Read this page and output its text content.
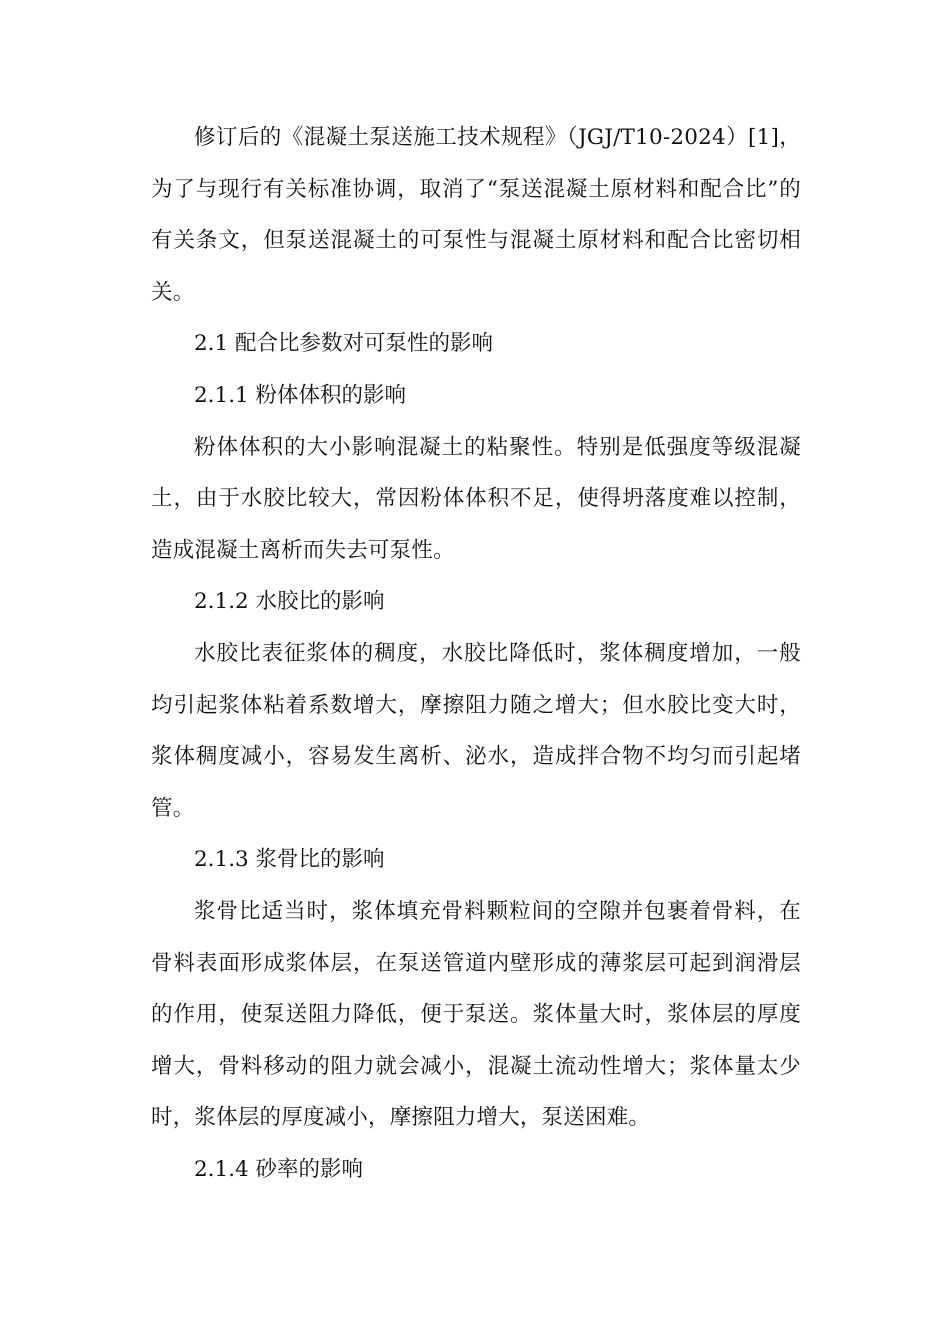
修订后的《混凝土泵送施工技术规程》（JGJ/T10-2024）[1]，为了与现行有关标准协调，取消了“泵送混凝土原材料和配合比”的有关条文，但泵送混凝土的可泵性与混凝土原材料和配合比密切相关。

2.1 配合比参数对可泵性的影响

2.1.1 粉体体积的影响

粉体体积的大小影响混凝土的粘聚性。特别是低强度等级混凝土，由于水胶比较大，常因粉体体积不足，使得坍落度难以控制，造成混凝土离析而失去可泵性。

2.1.2 水胶比的影响

水胶比表征浆体的稠度，水胶比降低时，浆体稠度增加，一般均引起浆体粘着系数增大，摩擦阻力随之增大；但水胶比变大时，浆体稠度减小，容易发生离析、泌水，造成拌合物不均匀而引起堵管。

2.1.3 浆骨比的影响

浆骨比适当时，浆体填充骨料颗粒间的空隙并包裹着骨料，在骨料表面形成浆体层，在泵送管道内壁形成的薄浆层可起到润滑层的作用，使泵送阻力降低，便于泵送。浆体量大时，浆体层的厚度增大，骨料移动的阻力就会减小，混凝土流动性增大；浆体量太少时，浆体层的厚度减小，摩擦阻力增大，泵送困难。

2.1.4 砂率的影响
